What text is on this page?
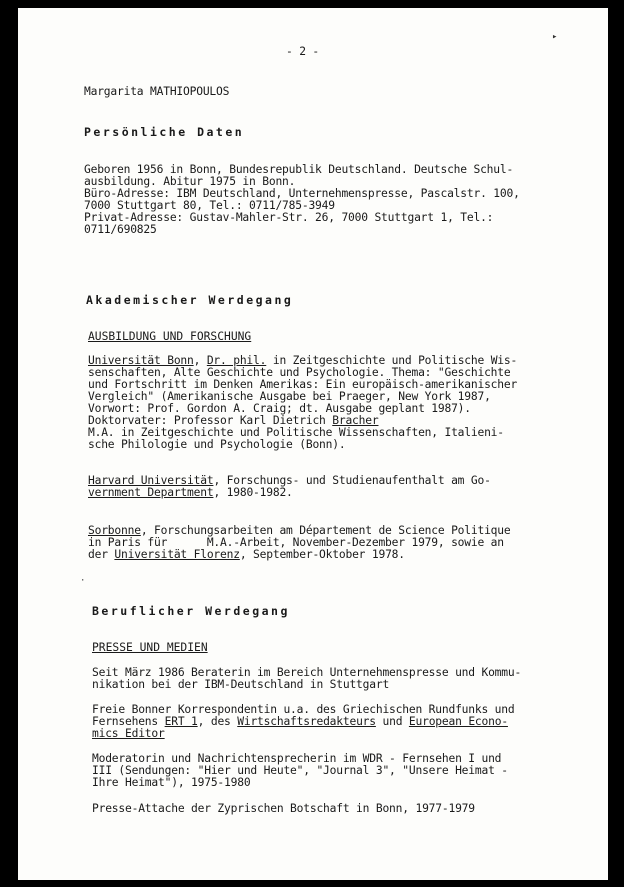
- 2 -
▸
Margarita MATHIOPOULOS
Persönliche Daten
Geboren 1956 in Bonn, Bundesrepublik Deutschland. Deutsche Schul-
ausbildung. Abitur 1975 in Bonn.
Büro-Adresse: IBM Deutschland, Unternehmenspresse, Pascalstr. 100,
7000 Stuttgart 80, Tel.: 0711/785-3949
Privat-Adresse: Gustav-Mahler-Str. 26, 7000 Stuttgart 1, Tel.:
0711/690825
Akademischer Werdegang
AUSBILDUNG UND FORSCHUNG
Universität Bonn, Dr. phil. in Zeitgeschichte und Politische Wis-
senschaften, Alte Geschichte und Psychologie. Thema: "Geschichte
und Fortschritt im Denken Amerikas: Ein europäisch-amerikanischer
Vergleich" (Amerikanische Ausgabe bei Praeger, New York 1987,
Vorwort: Prof. Gordon A. Craig; dt. Ausgabe geplant 1987).
Doktorvater: Professor Karl Dietrich Bracher
M.A. in Zeitgeschichte und Politische Wissenschaften, Italieni-
sche Philologie und Psychologie (Bonn).
Harvard Universität, Forschungs- und Studienaufenthalt am Go-
vernment Department, 1980-1982.
Sorbonne, Forschungsarbeiten am Département de Science Politique
in Paris für      M.A.-Arbeit, November-Dezember 1979, sowie an
der Universität Florenz, September-Oktober 1978.
·
Beruflicher Werdegang
PRESSE UND MEDIEN
Seit März 1986 Beraterin im Bereich Unternehmenspresse und Kommu-
nikation bei der IBM-Deutschland in Stuttgart
Freie Bonner Korrespondentin u.a. des Griechischen Rundfunks und
Fernsehens ERT 1, des Wirtschaftsredakteurs und European Econo-
mics Editor
Moderatorin und Nachrichtensprecherin im WDR - Fernsehen I und
III (Sendungen: "Hier und Heute", "Journal 3", "Unsere Heimat -
Ihre Heimat"), 1975-1980
Presse-Attache der Zyprischen Botschaft in Bonn, 1977-1979
